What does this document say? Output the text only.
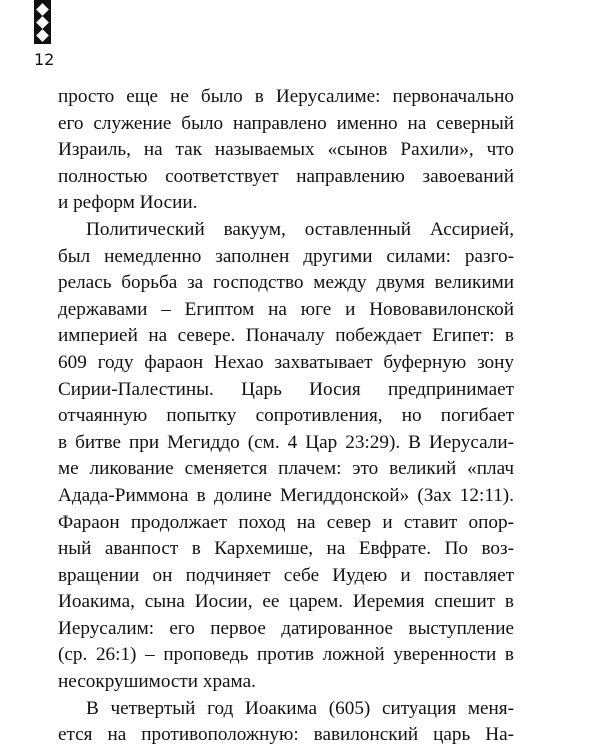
12
просто еще не было в Иерусалиме: первоначально
его служение было направлено именно на северный
Израиль, на так называемых «сынов Рахили», что
полностью соответствует направлению завоеваний
и реформ Иосии.
Политический вакуум, оставленный Ассирией,
был немедленно заполнен другими силами: разго-
релась борьба за господство между двумя великими
державами – Египтом на юге и Нововавилонской
империей на севере. Поначалу побеждает Египет: в
609 году фараон Нехао захватывает буферную зону
Сирии-Палестины. Царь Иосия предпринимает
отчаянную попытку сопротивления, но погибает
в битве при Мегиддо (см. 4 Цар 23:29). В Иерусали-
ме ликование сменяется плачем: это великий «плач
Адада-Риммона в долине Мегиддонской» (Зах 12:11).
Фараон продолжает поход на север и ставит опор-
ный аванпост в Кархемише, на Евфрате. По воз-
вращении он подчиняет себе Иудею и поставляет
Иоакима, сына Иосии, ее царем. Иеремия спешит в
Иерусалим: его первое датированное выступление
(ср. 26:1) – проповедь против ложной уверенности в
несокрушимости храма.
В четвертый год Иоакима (605) ситуация меня-
ется на противоположную: вавилонский царь На-
